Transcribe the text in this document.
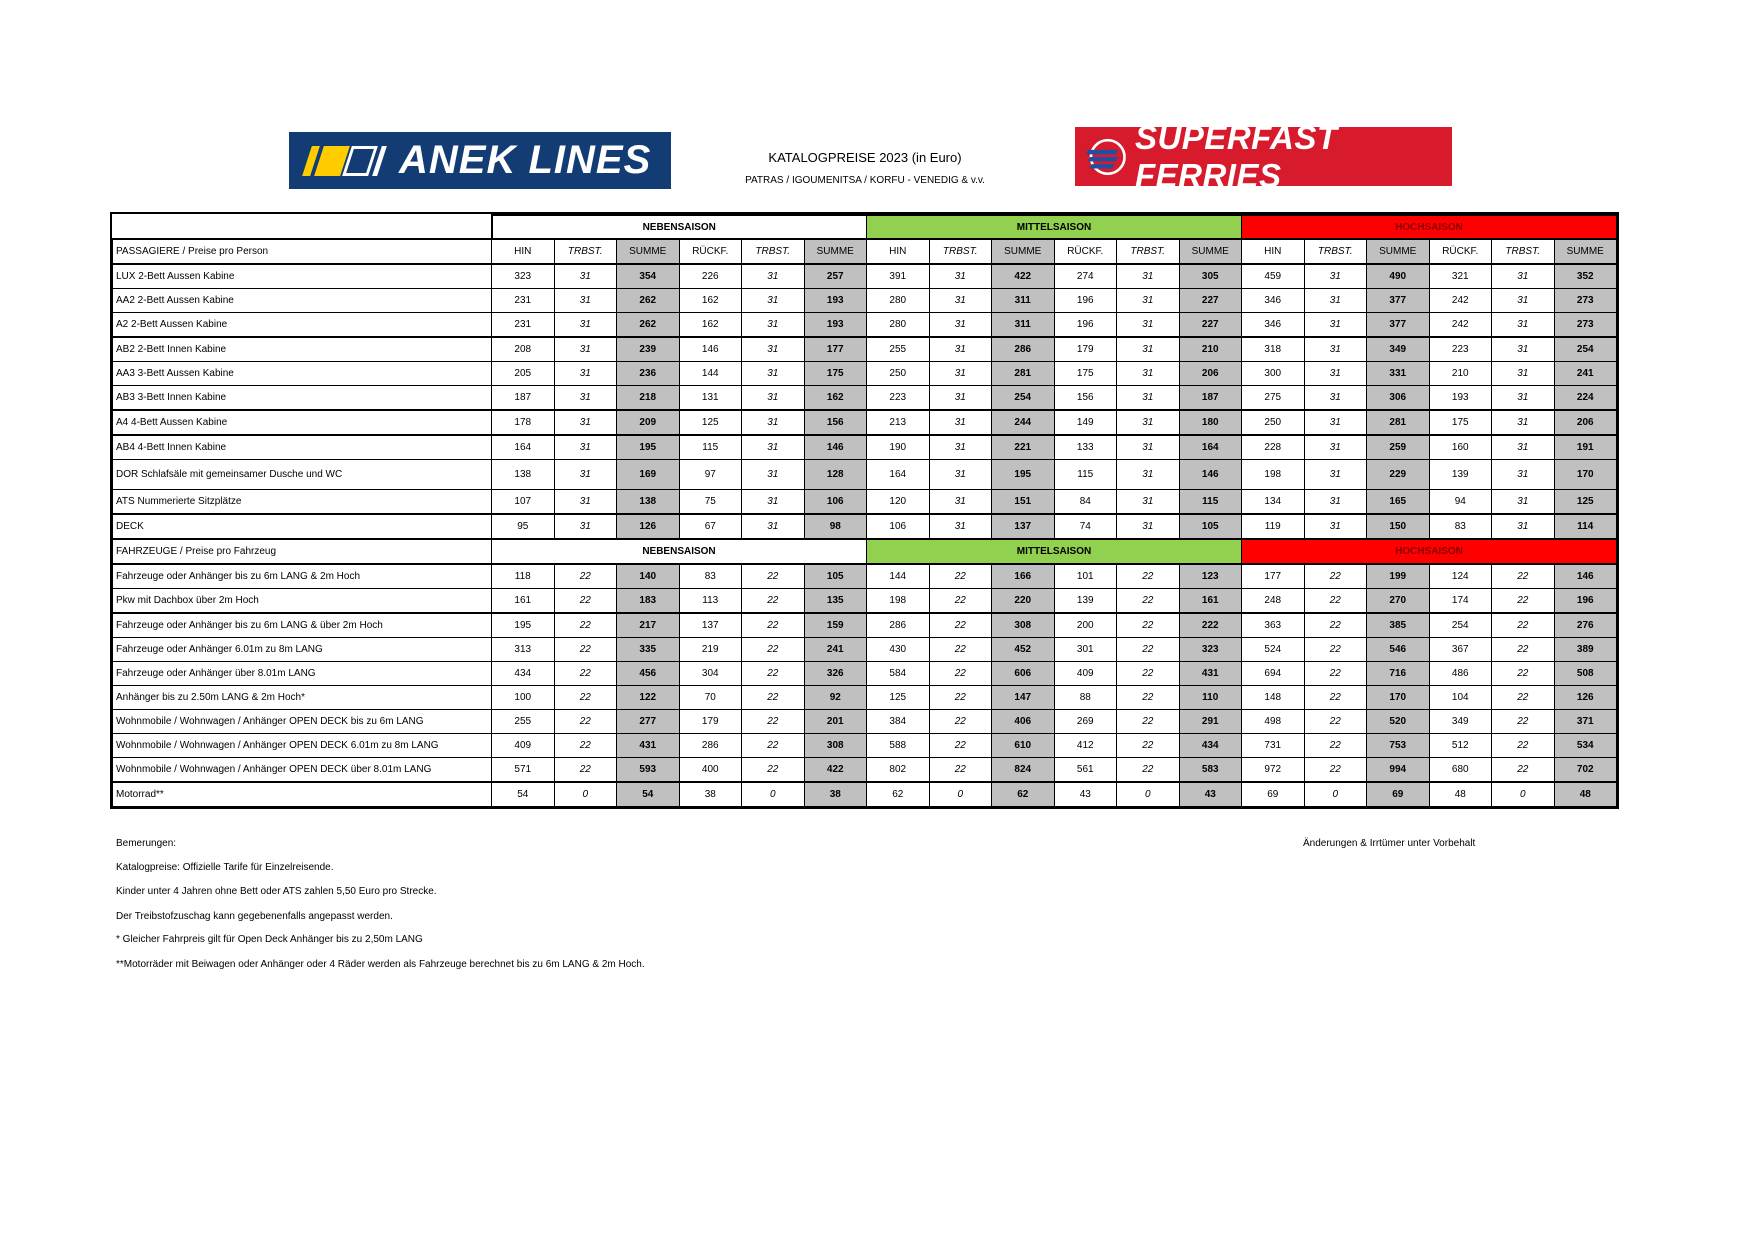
ANEK LINES	KATALOGPREISE 2023 (in Euro)
PATRAS / IGOUMENITSA / KORFU - VENEDIG & v.v.
SUPERFAST FERRIES
	NEBENSAISON						MITTELSAISON						HOCHSAISON					
PASSAGIERE / Preise pro Person	HIN	TRBST.	SUMME	RÜCKF.	TRBST.	SUMME	HIN	TRBST.	SUMME	RÜCKF.	TRBST.	SUMME	HIN	TRBST.	SUMME	RÜCKF.	TRBST.	SUMME
LUX 2-Bett Aussen Kabine	323	31	354	226	31	257	391	31	422	274	31	305	459	31	490	321	31	352
AA2 2-Bett Aussen Kabine	231	31	262	162	31	193	280	31	311	196	31	227	346	31	377	242	31	273
A2 2-Bett Aussen Kabine	231	31	262	162	31	193	280	31	311	196	31	227	346	31	377	242	31	273
AB2 2-Bett Innen Kabine	208	31	239	146	31	177	255	31	286	179	31	210	318	31	349	223	31	254
AA3 3-Bett Aussen Kabine	205	31	236	144	31	175	250	31	281	175	31	206	300	31	331	210	31	241
AB3 3-Bett Innen Kabine	187	31	218	131	31	162	223	31	254	156	31	187	275	31	306	193	31	224
A4 4-Bett Aussen Kabine	178	31	209	125	31	156	213	31	244	149	31	180	250	31	281	175	31	206
AB4 4-Bett Innen Kabine	164	31	195	115	31	146	190	31	221	133	31	164	228	31	259	160	31	191
DOR Schlafsäle mit gemeinsamer Dusche und WC	138	31	169	97	31	128	164	31	195	115	31	146	198	31	229	139	31	170
ATS Nummerierte Sitzplätze	107	31	138	75	31	106	120	31	151	84	31	115	134	31	165	94	31	125
DECK	95	31	126	67	31	98	106	31	137	74	31	105	119	31	150	83	31	114
FAHRZEUGE / Preise pro Fahrzeug	NEBENSAISON						MITTELSAISON						HOCHSAISON					
Fahrzeuge oder Anhänger bis zu 6m LANG & 2m Hoch	118	22	140	83	22	105	144	22	166	101	22	123	177	22	199	124	22	146
Pkw mit Dachbox über 2m Hoch	161	22	183	113	22	135	198	22	220	139	22	161	248	22	270	174	22	196
Fahrzeuge oder Anhänger bis zu 6m LANG & über 2m Hoch	195	22	217	137	22	159	286	22	308	200	22	222	363	22	385	254	22	276
Fahrzeuge oder Anhänger 6.01m zu 8m LANG	313	22	335	219	22	241	430	22	452	301	22	323	524	22	546	367	22	389
Fahrzeuge oder Anhänger über 8.01m LANG	434	22	456	304	22	326	584	22	606	409	22	431	694	22	716	486	22	508
Anhänger bis zu 2.50m LANG & 2m Hoch*	100	22	122	70	22	92	125	22	147	88	22	110	148	22	170	104	22	126
Wohnmobile / Wohnwagen / Anhänger OPEN DECK bis zu 6m LANG	255	22	277	179	22	201	384	22	406	269	22	291	498	22	520	349	22	371
Wohnmobile / Wohnwagen / Anhänger OPEN DECK 6.01m zu 8m LANG	409	22	431	286	22	308	588	22	610	412	22	434	731	22	753	512	22	534
Wohnmobile / Wohnwagen / Anhänger OPEN DECK über 8.01m LANG	571	22	593	400	22	422	802	22	824	561	22	583	972	22	994	680	22	702
Motorrad**	54	0	54	38	0	38	62	0	62	43	0	43	69	0	69	48	0	48
Bemerungen:
Katalogpreise: Offizielle Tarife für Einzelreisende.
Kinder unter 4 Jahren ohne Bett oder ATS zahlen 5,50 Euro pro Strecke.
Der Treibstofzuschag kann gegebenenfalls angepasst werden.
* Gleicher Fahrpreis gilt für Open Deck Anhänger bis zu 2,50m LANG
**Motorräder mit Beiwagen oder Anhänger oder 4 Räder werden als Fahrzeuge berechnet bis zu 6m LANG & 2m Hoch.
Änderungen & Irrtümer unter Vorbehalt
